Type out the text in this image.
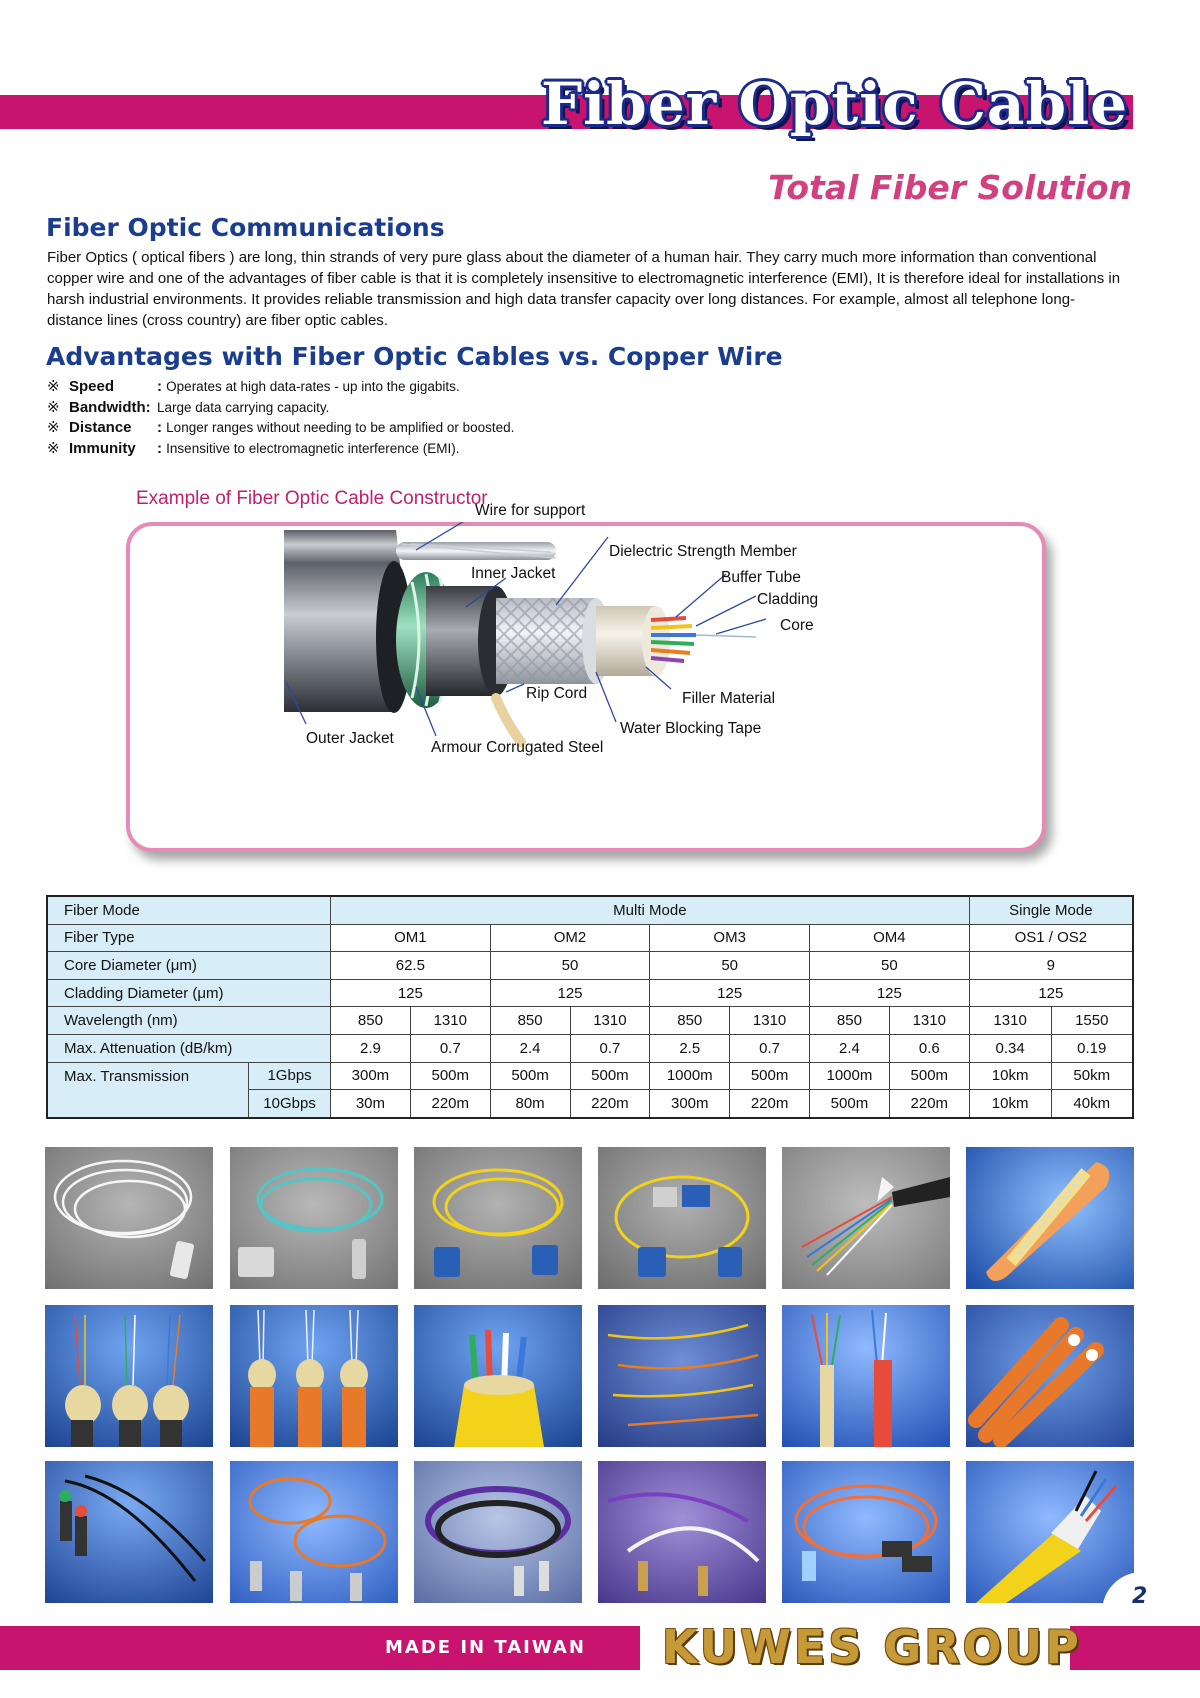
Fiber Optic Cable
Total Fiber Solution
Fiber Optic Communications
Fiber Optics ( optical fibers ) are long, thin strands of very pure glass about the diameter of a human hair. They carry much more information than conventional copper wire and one of the advantages of fiber cable is that it is completely insensitive to electromagnetic interference (EMI), It is therefore ideal for installations in harsh industrial environments. It provides reliable transmission and high data transfer capacity over long distances. For example, almost all telephone long-distance lines (cross country) are fiber optic cables.
Advantages with Fiber Optic Cables vs. Copper Wire
※ Speed	: Operates at high data-rates - up into the gigabits.
※ Bandwidth: Large data carrying capacity.
※ Distance : Longer ranges without needing to be amplified or boosted.
※ Immunity : Insensitive to electromagnetic interference (EMI).
Example of Fiber Optic Cable Constructor
Wire for support
Dielectric Strength Member
Inner Jacket	Buffer Tube
Cladding
Core
Rip Cord	Filler Material
Water Blocking Tape
Outer Jacket
Armour Corrugated Steel
Fiber Mode		Multi Mode								Single Mode	
Fiber Type		OM1		OM2		OM3		OM4		OS1 / OS2	
Core Diameter (μm)		62.5		50		50		50		9	
Cladding Diameter (μm)		125		125		125		125		125	
Wavelength (nm)		850	1310	850	1310	850	1310	850	1310	1310	1550
Max. Attenuation (dB/km)		2.9	0.7	2.4	0.7	2.5	0.7	2.4	0.6	0.34	0.19
Max. Transmission	1Gbps	300m	500m	500m	500m	1000m	500m	1000m	500m	10km	50km
	10Gbps	30m	220m	80m	220m	300m	220m	500m	220m	10km	40km
2
MADE IN TAIWAN KUWES GROUP
